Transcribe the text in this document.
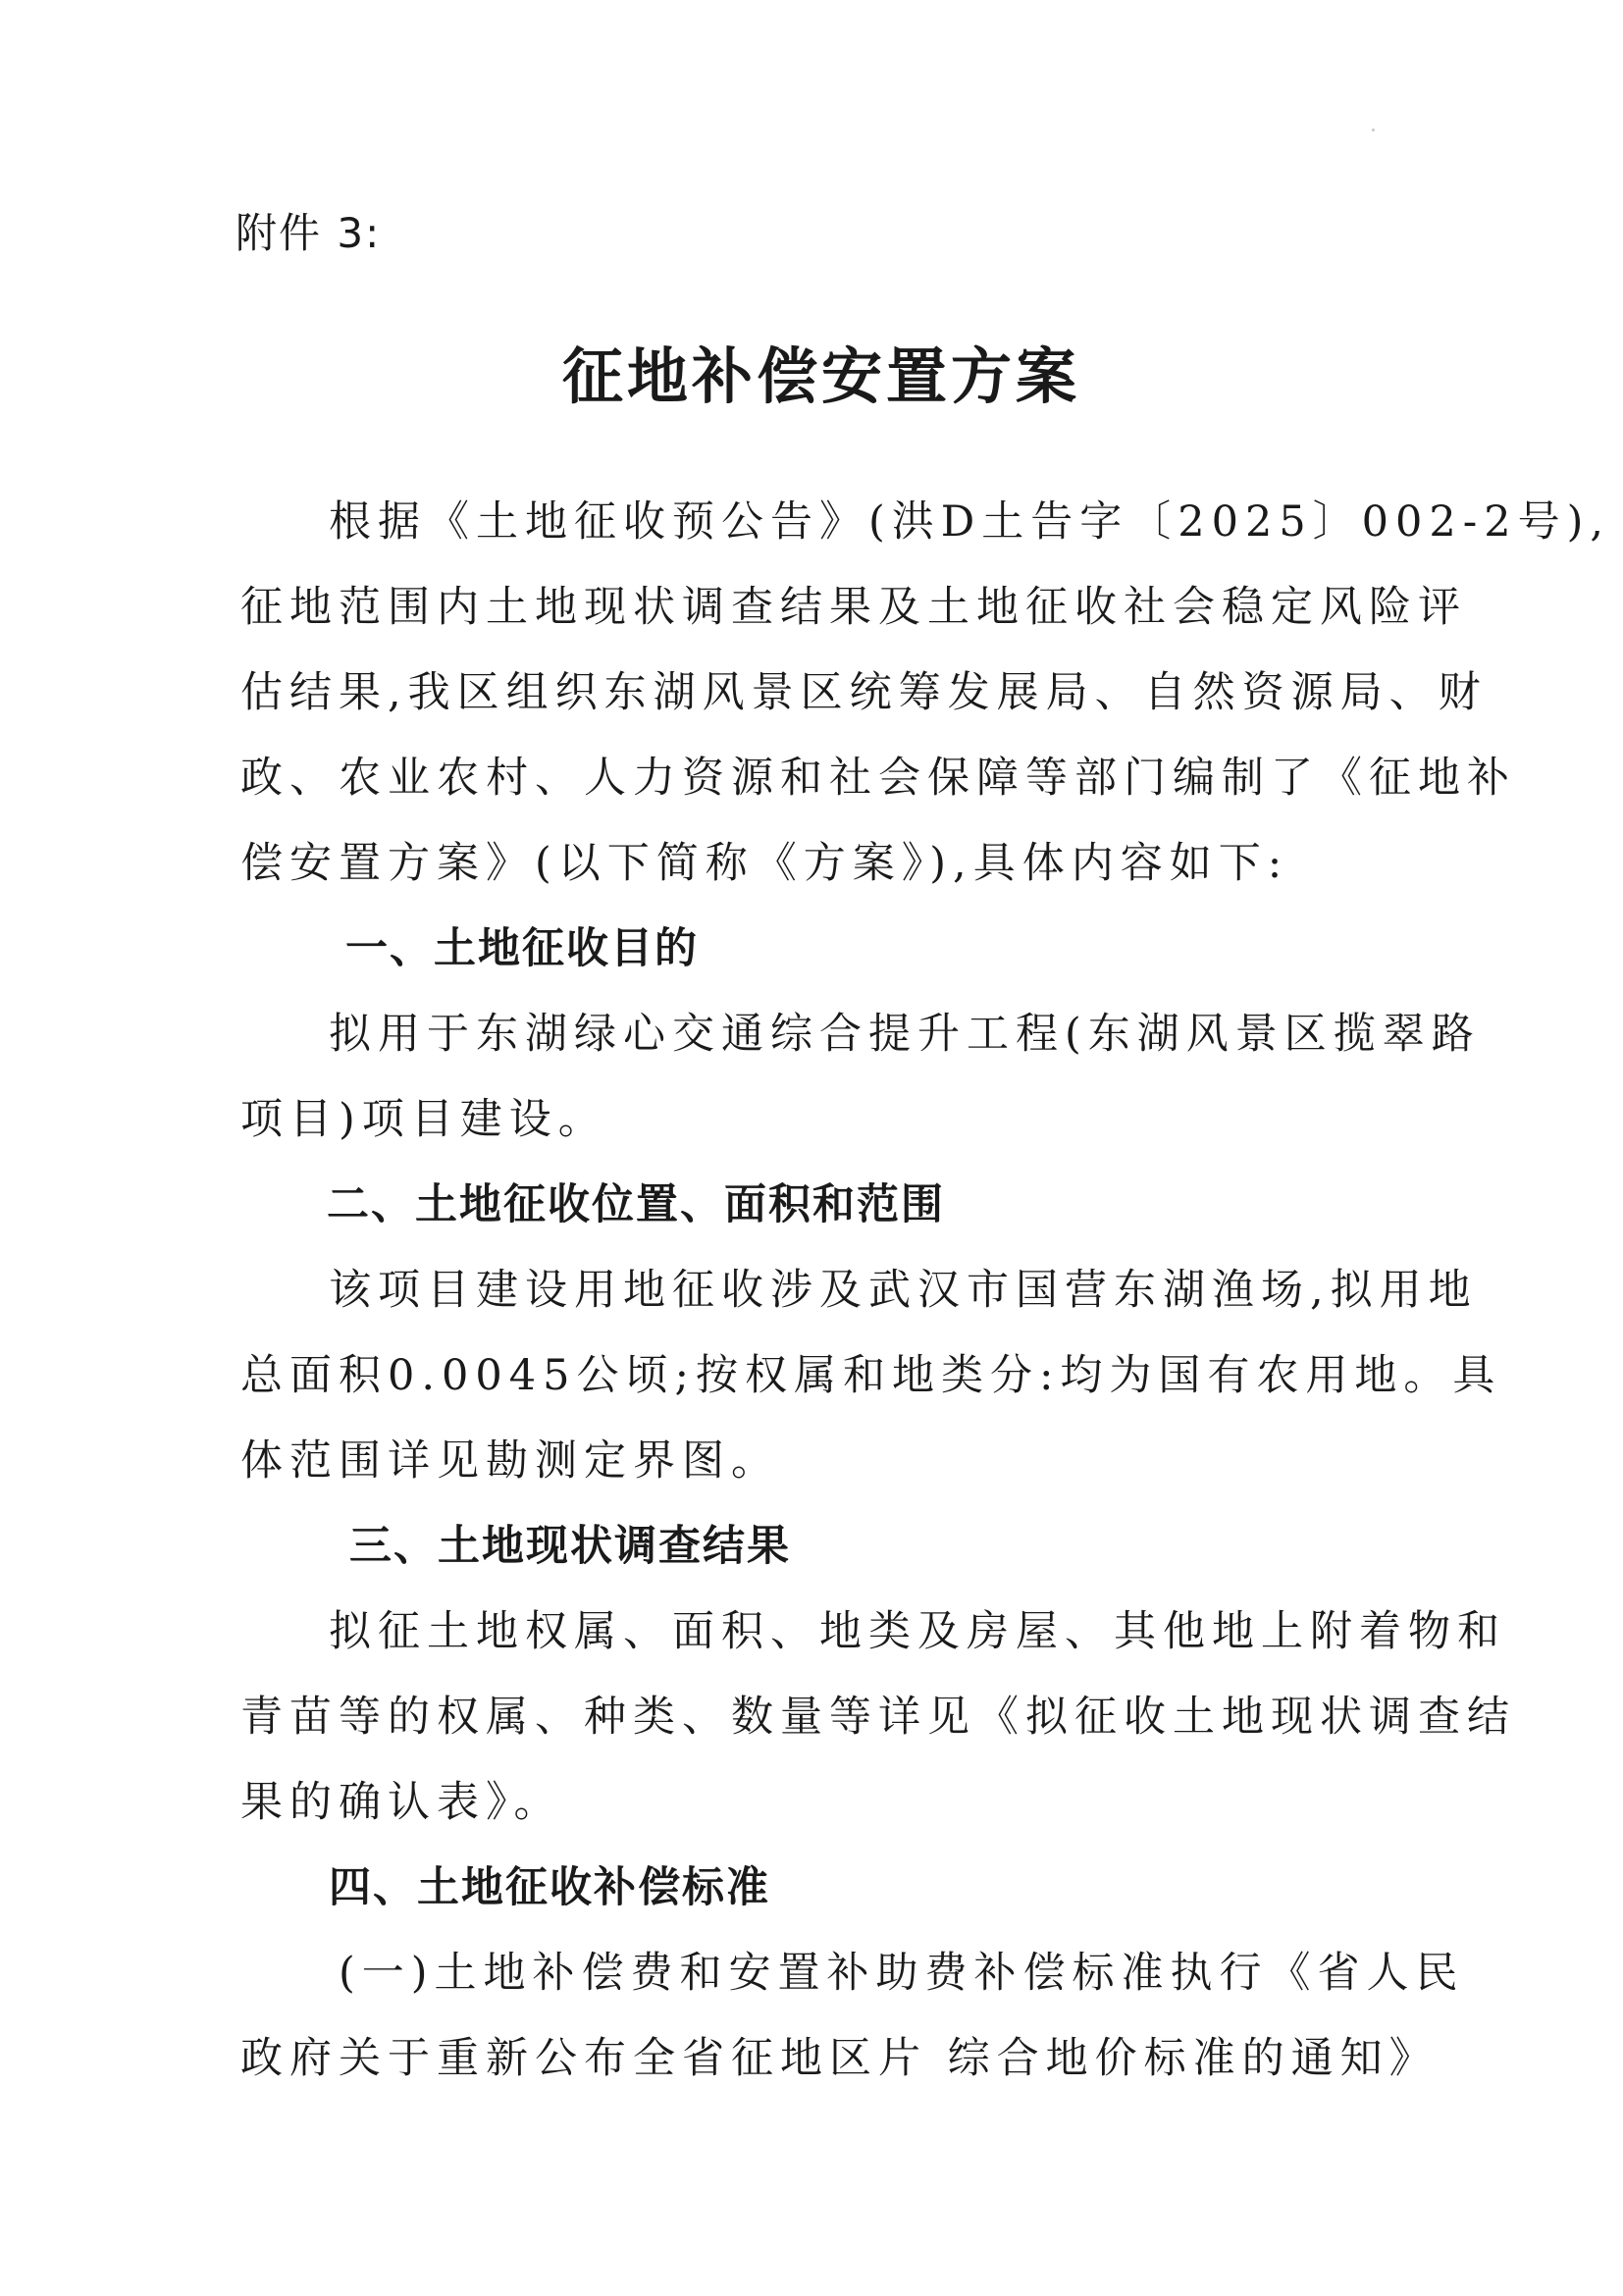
附件 3:
征地补偿安置方案
根据《土地征收预公告》(洪D土告字〔2025〕002-2号),
征地范围内土地现状调查结果及土地征收社会稳定风险评
估结果,我区组织东湖风景区统筹发展局、自然资源局、财
政、农业农村、人力资源和社会保障等部门编制了《征地补
偿安置方案》(以下简称《方案》),具体内容如下:
一、土地征收目的
拟用于东湖绿心交通综合提升工程(东湖风景区揽翠路
项目)项目建设。
二、土地征收位置、面积和范围
该项目建设用地征收涉及武汉市国营东湖渔场,拟用地
总面积0.0045公顷;按权属和地类分:均为国有农用地。具
体范围详见勘测定界图。
三、土地现状调查结果
拟征土地权属、面积、地类及房屋、其他地上附着物和
青苗等的权属、种类、数量等详见《拟征收土地现状调查结
果的确认表》。
四、土地征收补偿标准
(一)土地补偿费和安置补助费补偿标准执行《省人民
政府关于重新公布全省征地区片 综合地价标准的通知》
